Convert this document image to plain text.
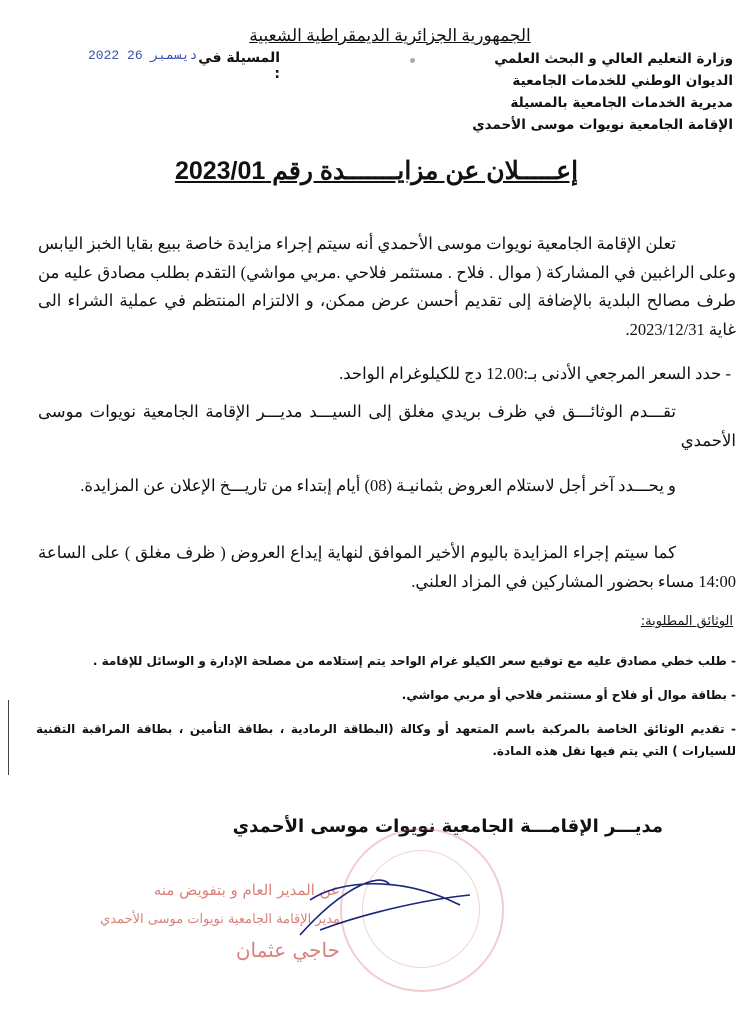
الجمهورية الجزائرية الديمقراطية الشعبية
2022 ديسمبر 26 المسيلة في :
وزارة التعليم العالي و البحث العلمي
الديوان الوطني للخدمات الجامعية
مديرية الخدمات الجامعية بالمسيلة
الإقامة الجامعية نويوات موسى الأحمدي
إعـــــلان عن مزايـــــــدة رقم 2023/01
تعلن الإقامة الجامعية نويوات موسى الأحمدي أنه سيتم إجراء مزايدة خاصة ببيع بقايا الخبز اليابس وعلى الراغبين في المشاركة ( موال . فلاح . مستثمر فلاحي .مربي مواشي) التقدم بطلب مصادق عليه من طرف مصالح البلدية بالإضافة إلى تقديم أحسن عرض ممكن، و الالتزام المنتظم في عملية الشراء الى غاية 2023/12/31.
- حدد السعر المرجعي الأدنى بـ:12.00 دج للكيلوغرام الواحد.
تقـــدم الوثائـــق في ظرف بريدي مغلق إلى السيـــد مديـــر الإقامة الجامعية نويوات موسى الأحمدي
و يحـــدد آخر أجل لاستلام العروض بثمانيـة (08) أيام إبتداء من تاريـــخ الإعلان عن المزايدة.
كما سيتم إجراء المزايدة باليوم الأخير الموافق لنهاية إيداع العروض ( ظرف مغلق ) على الساعة 14:00 مساء بحضور المشاركين في المزاد العلني.
الوثائق المطلوبة:
- طلب خطي مصادق عليه مع توقيع سعر الكيلو غرام الواحد يتم إستلامه من مصلحة الإدارة و الوسائل للإقامة .
- بطاقة موال أو فلاح أو مستثمر فلاحي أو مربي مواشي.
- تقديم الوثائق الخاصة بالمركبة باسم المتعهد أو وكالة (البطاقة الرمادية ، بطاقة التأمين ، بطاقة المراقبة التقنية للسيارات ) التي يتم فيها نقل هذه المادة.
مديـــر الإقامـــة الجامعية نويوات موسى الأحمدي
عن المدير العام و بتفويض منه
مدير الإقامة الجامعية نويوات موسى الأحمدي
حاجي عثمان
